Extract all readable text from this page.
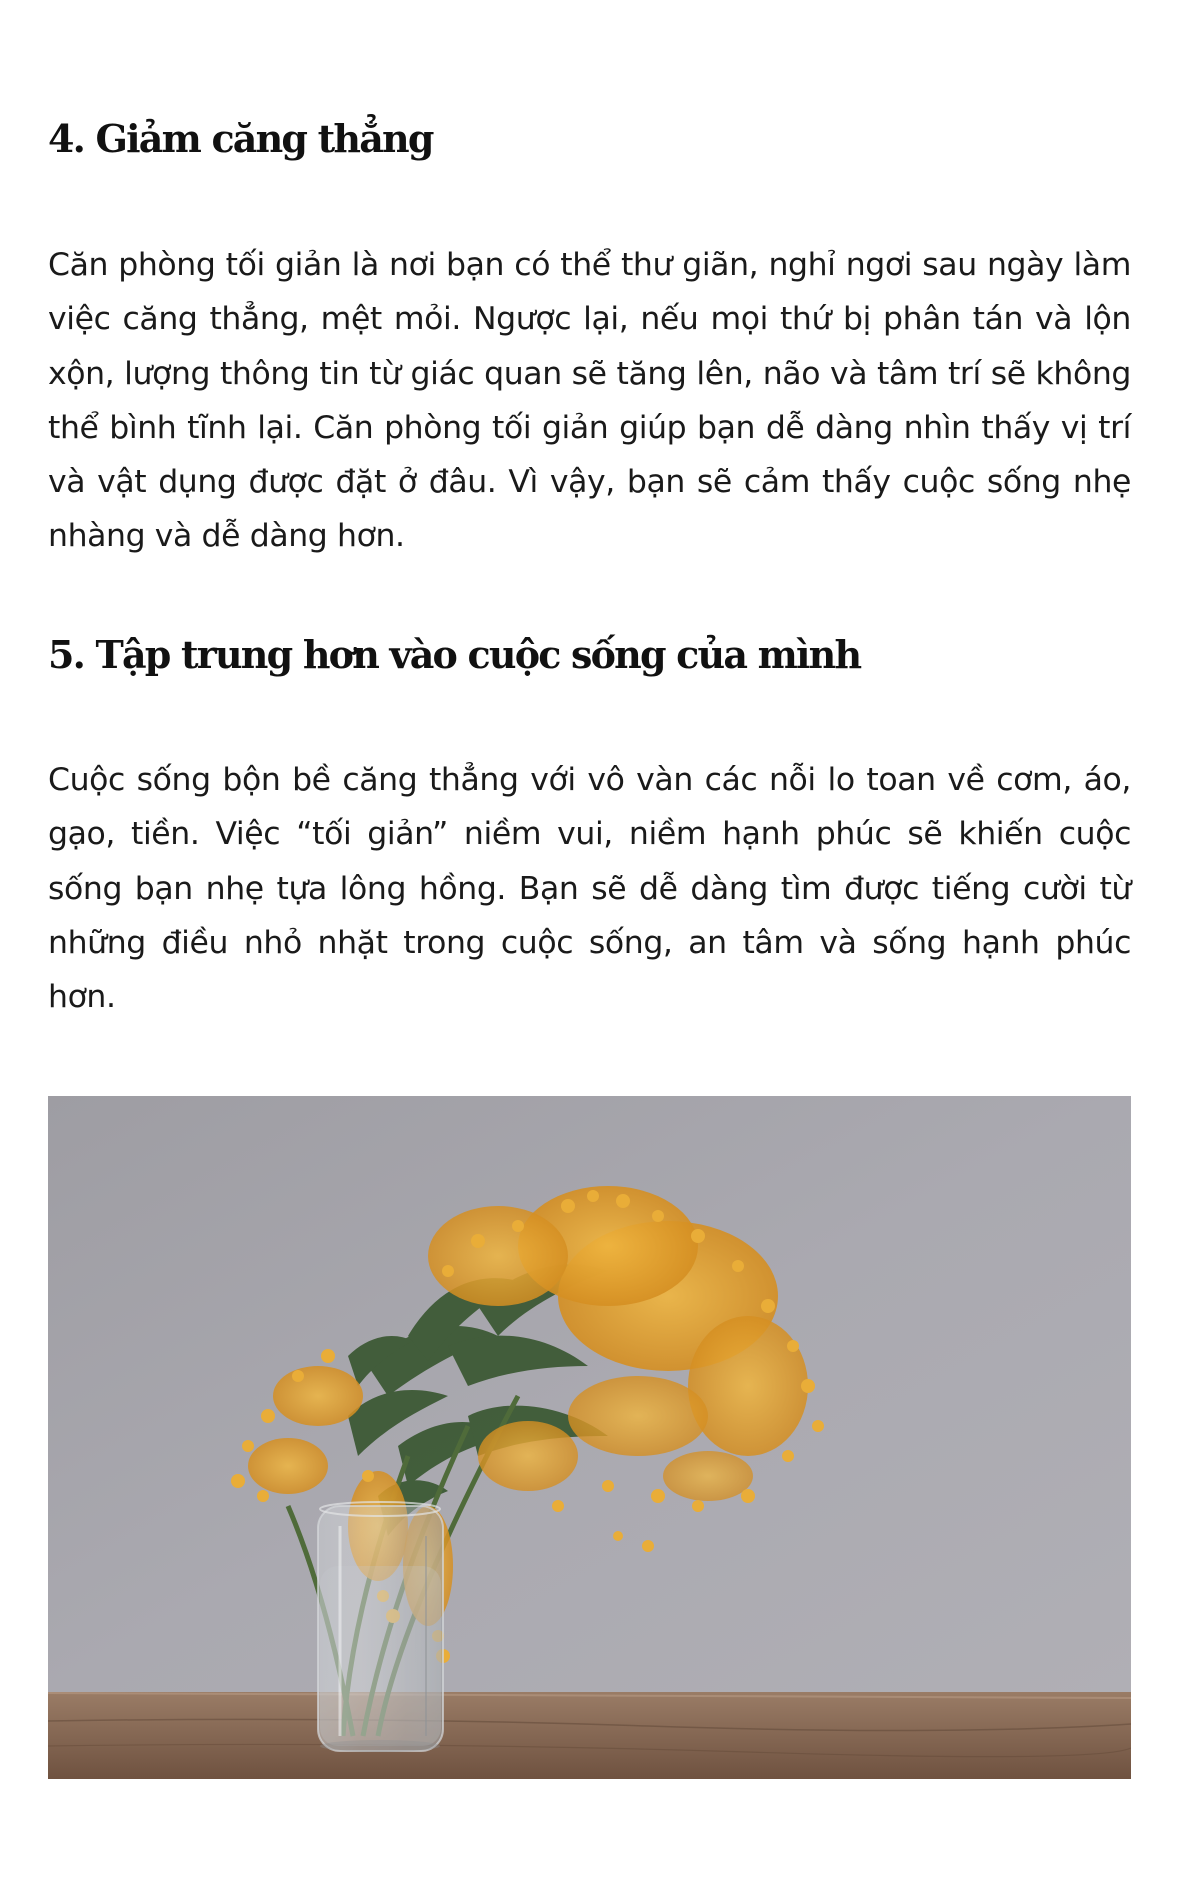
4. Giảm căng thẳng

Căn phòng tối giản là nơi bạn có thể thư giãn, nghỉ ngơi sau ngày làm việc căng thẳng, mệt mỏi. Ngược lại, nếu mọi thứ bị phân tán và lộn xộn, lượng thông tin từ giác quan sẽ tăng lên, não và tâm trí sẽ không thể bình tĩnh lại. Căn phòng tối giản giúp bạn dễ dàng nhìn thấy vị trí và vật dụng được đặt ở đâu. Vì vậy, bạn sẽ cảm thấy cuộc sống nhẹ nhàng và dễ dàng hơn.

5. Tập trung hơn vào cuộc sống của mình

Cuộc sống bộn bề căng thẳng với vô vàn các nỗi lo toan về cơm, áo, gạo, tiền. Việc “tối giản” niềm vui, niềm hạnh phúc sẽ khiến cuộc sống bạn nhẹ tựa lông hồng. Bạn sẽ dễ dàng tìm được tiếng cười từ những điều nhỏ nhặt trong cuộc sống, an tâm và sống hạnh phúc hơn.
